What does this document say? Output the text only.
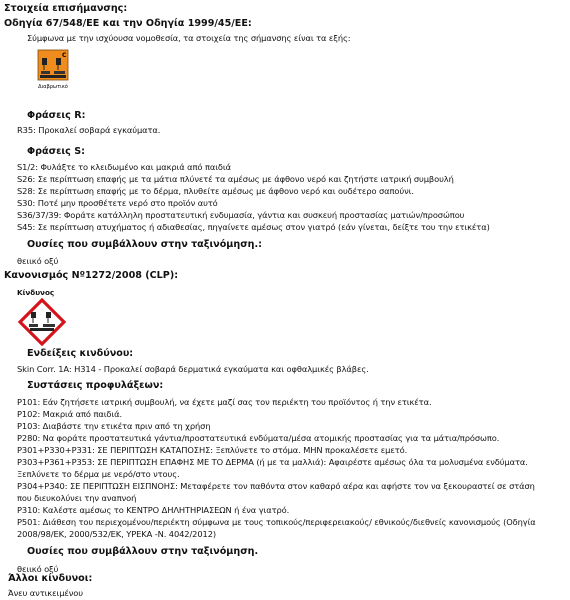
Στοιχεία επισήμανσης:
Οδηγία 67/548/ΕΕ και την Οδηγία 1999/45/ΕΕ:
Σύμφωνα με την ισχύουσα νομοθεσία, τα στοιχεία της σήμανσης είναι τα εξής:
C
Διαβρωτικό
Φράσεις R:
R35: Προκαλεί σοβαρά εγκαύματα.
Φράσεις S:
S1/2: Φυλάξτε το κλειδωμένο και μακριά από παιδιά
S26: Σε περίπτωση επαφής με τα μάτια πλύνετέ τα αμέσως με άφθονο νερό και ζητήστε ιατρική συμβουλή
S28: Σε περίπτωση επαφής με το δέρμα, πλυθείτε αμέσως με άφθονο νερό και ουδέτερο σαπούνι.
S30: Ποτέ μην προσθέτετε νερό στο προϊόν αυτό
S36/37/39: Φοράτε κατάλληλη προστατευτική ενδυμασία, γάντια και συσκευή προστασίας ματιών/προσώπου
S45: Σε περίπτωση ατυχήματος ή αδιαθεσίας, πηγαίνετε αμέσως στον γιατρό (εάν γίνεται, δείξτε του την ετικέτα)
Ουσίες που συμβάλλουν στην ταξινόμηση.:
θειικό οξύ
Κανονισμός Nº1272/2008 (CLP):
Κίνδυνος
Ενδείξεις κινδύνου:
Skin Corr. 1A: H314 - Προκαλεί σοβαρά δερματικά εγκαύματα και οφθαλμικές βλάβες.
Συστάσεις προφυλάξεων:
P101: Εάν ζητήσετε ιατρική συμβουλή, να έχετε μαζί σας τον περιέκτη του προϊόντος ή την ετικέτα.
P102: Μακριά από παιδιά.
P103: Διαβάστε την ετικέτα πριν από τη χρήση
P280: Να φοράτε προστατευτικά γάντια/προστατευτικά ενδύματα/μέσα ατομικής προστασίας για τα μάτια/πρόσωπο.
P301+P330+P331: ΣΕ ΠΕΡΙΠΤΩΣΗ ΚΑΤΑΠΟΣΗΣ: Ξεπλύνετε το στόμα. ΜΗΝ προκαλέσετε εμετό.
P303+P361+P353: ΣΕ ΠΕΡΙΠΤΩΣΗ ΕΠΑΦΗΣ ΜΕ ΤΟ ΔΕΡΜΑ (ή με τα μαλλιά): Αφαιρέστε αμέσως όλα τα μολυσμένα ενδύματα.
Ξεπλύνετε το δέρμα με νερό/στο ντους.
P304+P340: ΣΕ ΠΕΡΙΠΤΩΣΗ ΕΙΣΠΝΟΗΣ: Μεταφέρετε τον παθόντα στον καθαρό αέρα και αφήστε τον να ξεκουραστεί σε στάση
που διευκολύνει την αναπνοή
P310: Καλέστε αμέσως το ΚΕΝΤΡΟ ΔΗΛΗΤΗΡΙΑΣΕΩΝ ή ένα γιατρό.
P501: Διάθεση του περιεχομένου/περιέκτη σύμφωνα με τους τοπικούς/περιφερειακούς/ εθνικούς/διεθνείς κανονισμούς (Οδηγία
2008/98/ΕΚ, 2000/532/ΕΚ, ΥΡΕΚΑ -Ν. 4042/2012)
Ουσίες που συμβάλλουν στην ταξινόμηση.
θειικό οξύ
Άλλοι κίνδυνοι:
Άνευ αντικειμένου
